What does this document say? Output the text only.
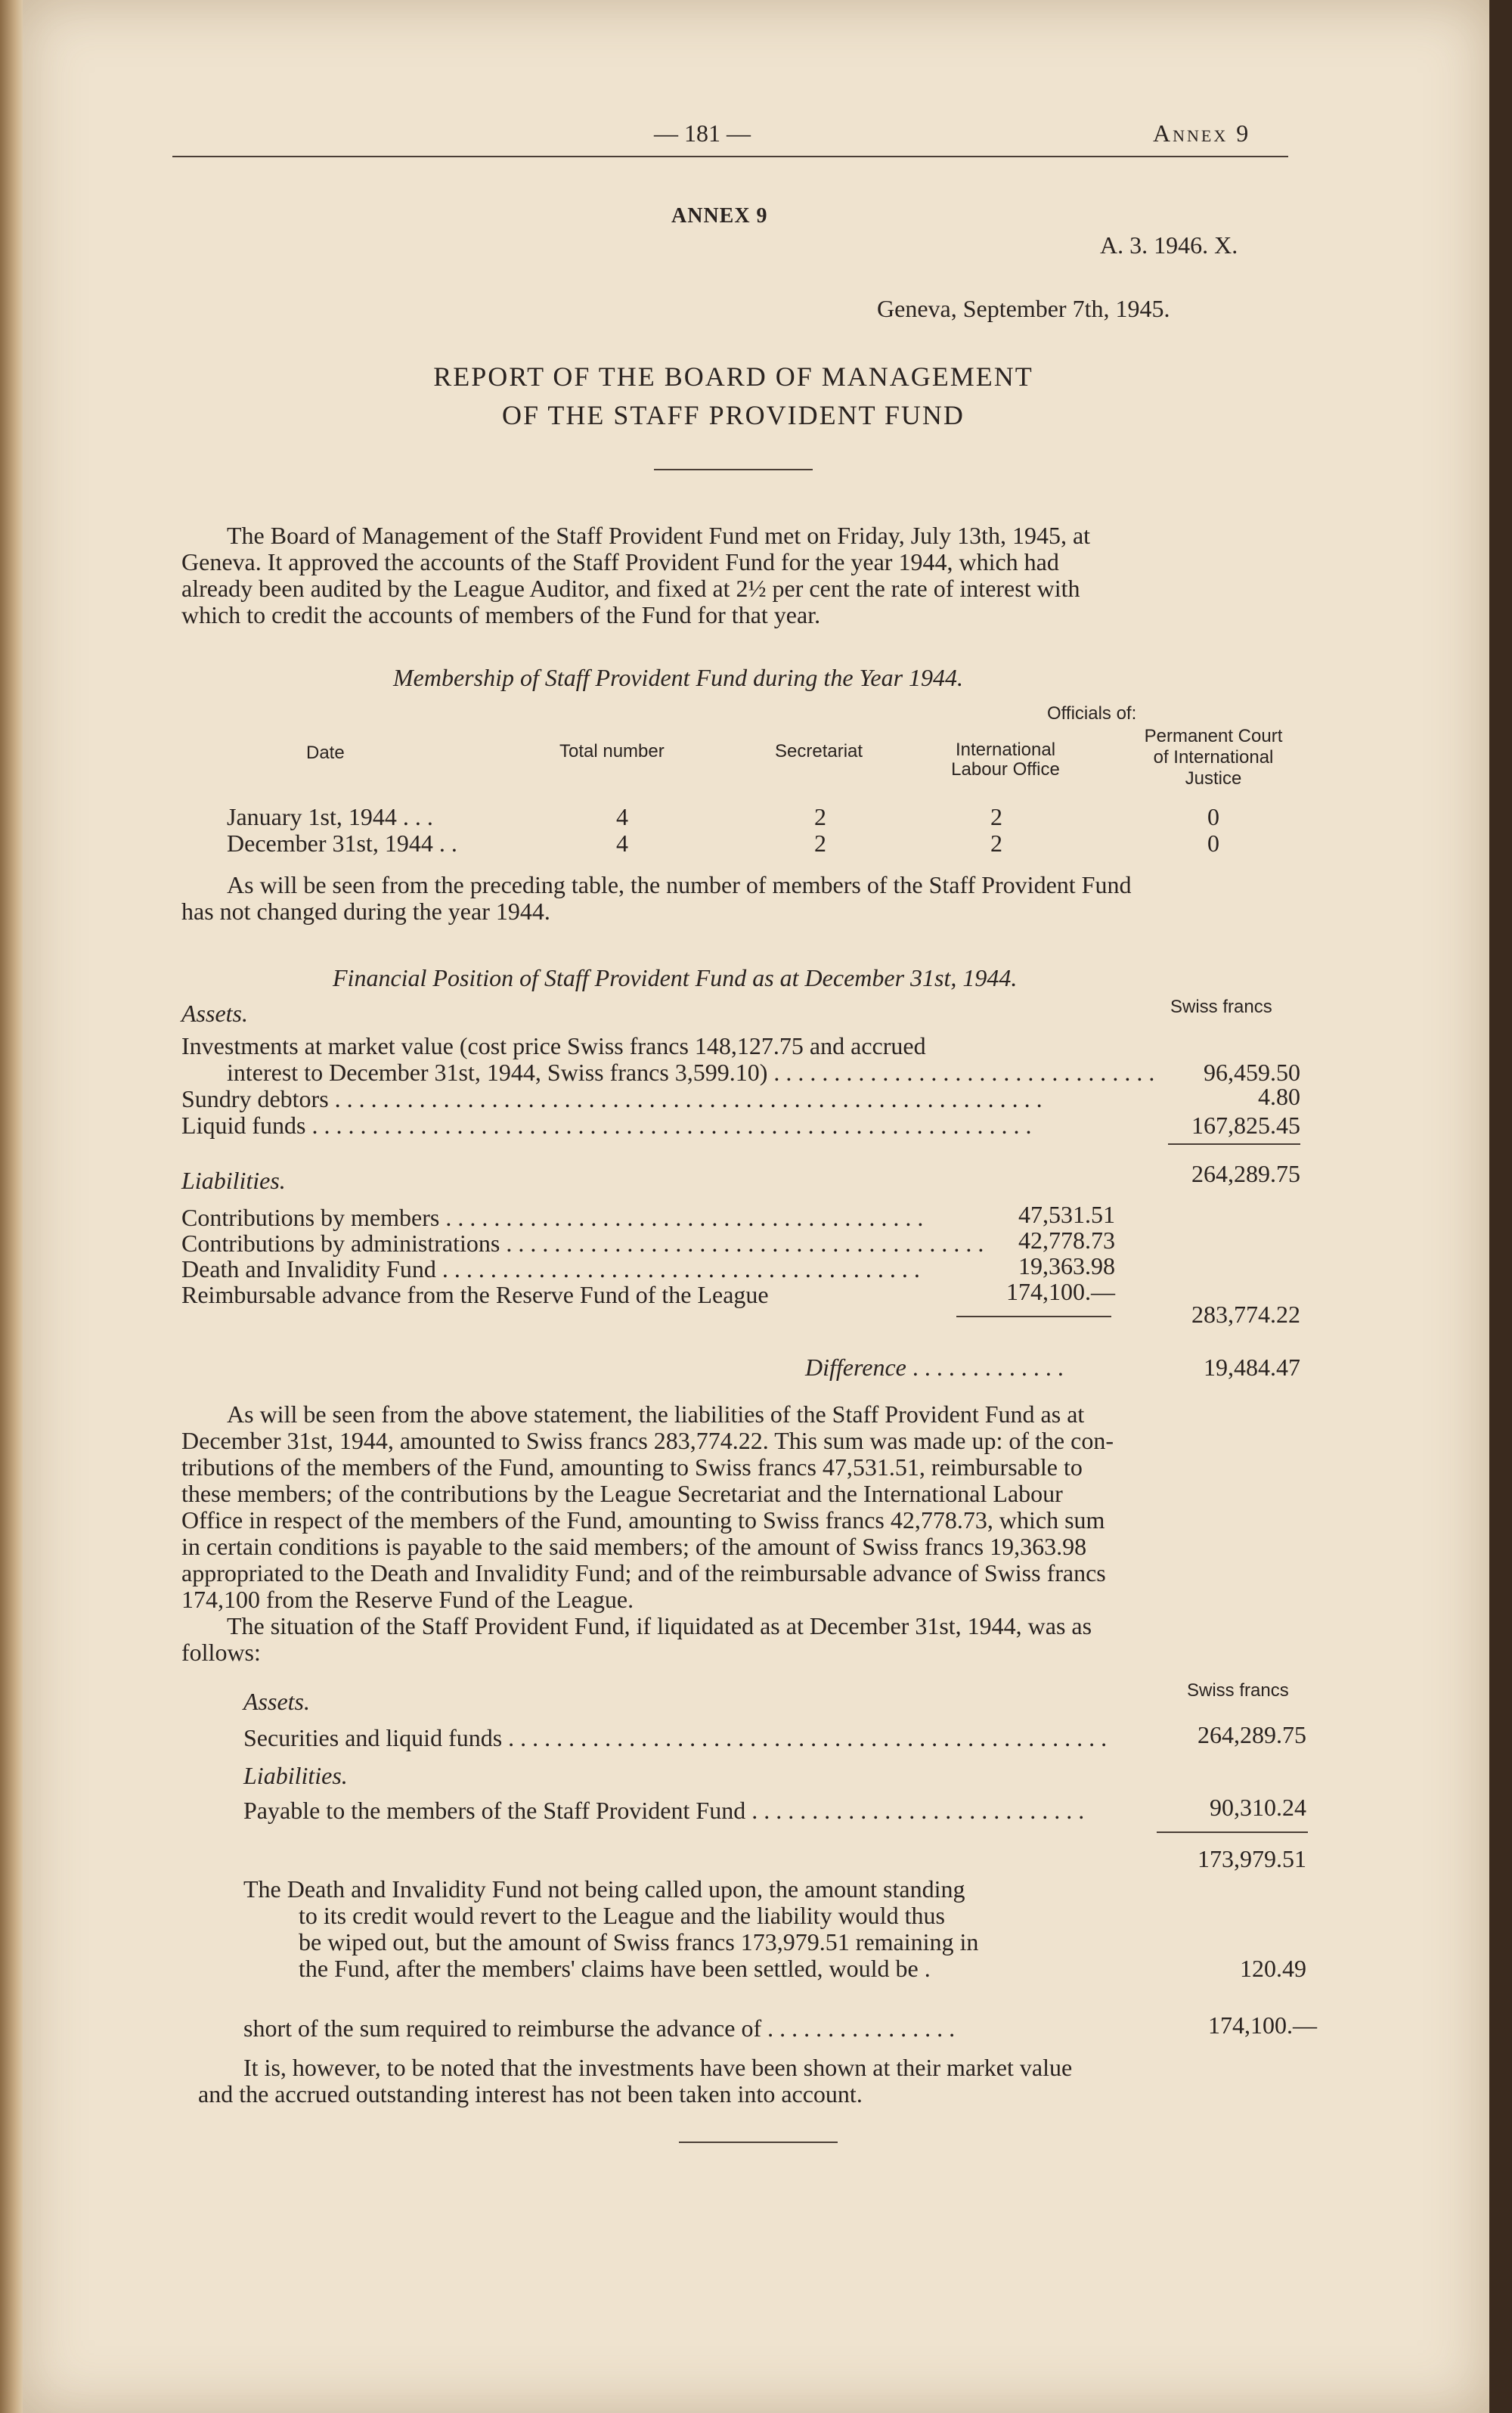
— 181 —	Annex 9
ANNEX 9
A. 3. 1946. X.
Geneva, September 7th, 1945.
REPORT OF THE BOARD OF MANAGEMENT
OF THE STAFF PROVIDENT FUND
The Board of Management of the Staff Provident Fund met on Friday, July 13th, 1945, at
Geneva. It approved the accounts of the Staff Provident Fund for the year 1944, which had
already been audited by the League Auditor, and fixed at 2½ per cent the rate of interest with
which to credit the accounts of members of the Fund for that year.
Membership of Staff Provident Fund during the Year 1944.
Officials of:
Date	Total number	Secretariat	International
Labour Office
Permanent Court
of International
Justice
January 1st, 1944 . . .	4	2	2	0
December 31st, 1944 . .	4	2	2	0
As will be seen from the preceding table, the number of members of the Staff Provident Fund
has not changed during the year 1944.
Financial Position of Staff Provident Fund as at December 31st, 1944.
Assets.	Swiss francs
Investments at market value (cost price Swiss francs 148,127.75 and accrued
interest to December 31st, 1944, Swiss francs 3,599.10) . . . . . . . . . . . . . . . . . . . . . . . . . . . . . . . . 96,459.50
Sundry debtors . . . . . . . . . . . . . . . . . . . . . . . . . . . . . . . . . . . . . . . . . . . . . . . . . . . . . . . . . . .	4.80
Liquid funds . . . . . . . . . . . . . . . . . . . . . . . . . . . . . . . . . . . . . . . . . . . . . . . . . . . . . . . . . . . .	167,825.45
264,289.75
Liabilities.
Contributions by members . . . . . . . . . . . . . . . . . . . . . . . . . . . . . . . . . . . . . . . .	47,531.51
Contributions by administrations . . . . . . . . . . . . . . . . . . . . . . . . . . . . . . . . . . . . . . . . 42,778.73
Death and Invalidity Fund . . . . . . . . . . . . . . . . . . . . . . . . . . . . . . . . . . . . . . . .	19,363.98
Reimbursable advance from the Reserve Fund of the League	174,100.—
283,774.22
Difference . . . . . . . . . . . . .	19,484.47
As will be seen from the above statement, the liabilities of the Staff Provident Fund as at
December 31st, 1944, amounted to Swiss francs 283,774.22. This sum was made up: of the con-
tributions of the members of the Fund, amounting to Swiss francs 47,531.51, reimbursable to
these members; of the contributions by the League Secretariat and the International Labour
Office in respect of the members of the Fund, amounting to Swiss francs 42,778.73, which sum
in certain conditions is payable to the said members; of the amount of Swiss francs 19,363.98
appropriated to the Death and Invalidity Fund; and of the reimbursable advance of Swiss francs
174,100 from the Reserve Fund of the League.
The situation of the Staff Provident Fund, if liquidated as at December 31st, 1944, was as
follows:
Assets.	Swiss francs
Securities and liquid funds . . . . . . . . . . . . . . . . . . . . . . . . . . . . . . . . . . . . . . . . . . . . . . . . . .	264,289.75
Liabilities.
Payable to the members of the Staff Provident Fund . . . . . . . . . . . . . . . . . . . . . . . . . . . .	90,310.24
173,979.51
The Death and Invalidity Fund not being called upon, the amount standing
to its credit would revert to the League and the liability would thus
be wiped out, but the amount of Swiss francs 173,979.51 remaining in
the Fund, after the members' claims have been settled, would be .	120.49
short of the sum required to reimburse the advance of . . . . . . . . . . . . . . . .	174,100.—
It is, however, to be noted that the investments have been shown at their market value
and the accrued outstanding interest has not been taken into account.
